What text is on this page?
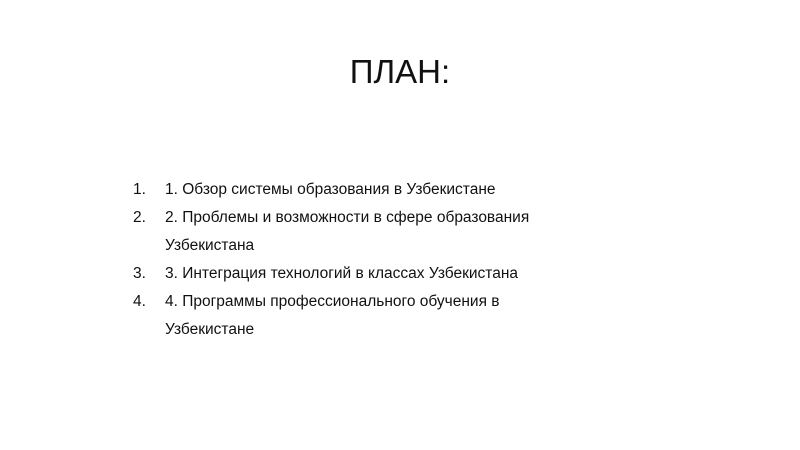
ПЛАН:
1.	1. Обзор системы образования в Узбекистане
2.	2. Проблемы и возможности в сфере образования Узбекистана
3.	3. Интеграция технологий в классах Узбекистана
4.	4. Программы профессионального обучения в Узбекистане
